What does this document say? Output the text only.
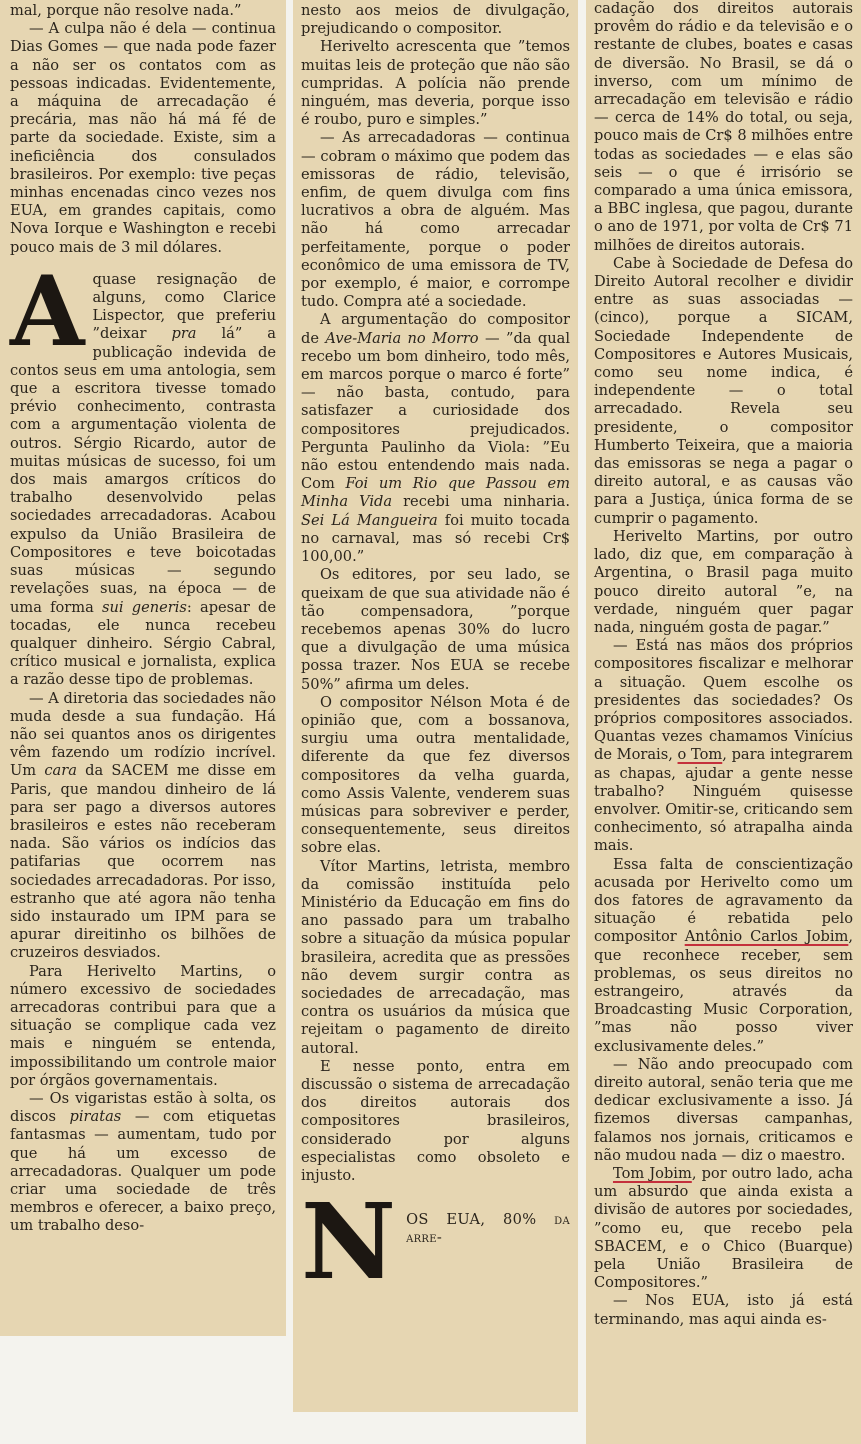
mal, porque não resolve nada.”

— A culpa não é dela — continua Dias Gomes — que nada pode fazer a não ser os contatos com as pessoas indicadas. Evidentemente, a máquina de arrecadação é precária, mas não há má fé de parte da sociedade. Existe, sim a ineficiência dos consulados brasileiros. Por exemplo: tive peças minhas encenadas cinco vezes nos EUA, em grandes capitais, como Nova Iorque e Washington e recebi pouco mais de 3 mil dólares.

A quase resignação de alguns, como Clarice Lispector, que preferiu ”deixar pra lá” a publicação indevida de contos seus em uma antologia, sem que a escritora tivesse tomado prévio conhecimento, contrasta com a argumentação violenta de outros. Sérgio Ricardo, autor de muitas músicas de sucesso, foi um dos mais amargos críticos do trabalho desenvolvido pelas sociedades arrecadadoras. Acabou expulso da União Brasileira de Compositores e teve boicotadas suas músicas — segundo revelações suas, na época — de uma forma sui generis: apesar de tocadas, ele nunca recebeu qualquer dinheiro. Sérgio Cabral, crítico musical e jornalista, explica a razão desse tipo de problemas.

— A diretoria das sociedades não muda desde a sua fundação. Há não sei quantos anos os dirigentes vêm fazendo um rodízio incrível. Um cara da SACEM me disse em Paris, que mandou dinheiro de lá para ser pago a diversos autores brasileiros e estes não receberam nada. São vários os indícios das patifarias que ocorrem nas sociedades arrecadadoras. Por isso, estranho que até agora não tenha sido instaurado um IPM para se apurar direitinho os bilhões de cruzeiros desviados.

Para Herivelto Martins, o número excessivo de sociedades arrecadoras contribui para que a situação se complique cada vez mais e ninguém se entenda, impossibilitando um controle maior por órgãos governamentais.

— Os vigaristas estão à solta, os discos piratas — com etiquetas fantasmas — aumentam, tudo por que há um excesso de arrecadadoras. Qualquer um pode criar uma sociedade de três membros e oferecer, a baixo preço, um trabalho deso-

nesto aos meios de divulgação, prejudicando o compositor.

Herivelto acrescenta que ”temos muitas leis de proteção que não são cumpridas. A polícia não prende ninguém, mas deveria, porque isso é roubo, puro e simples.”

— As arrecadadoras — continua — cobram o máximo que podem das emissoras de rádio, televisão, enfim, de quem divulga com fins lucrativos a obra de alguém. Mas não há como arrecadar perfeitamente, porque o poder econômico de uma emissora de TV, por exemplo, é maior, e corrompe tudo. Compra até a sociedade.

A argumentação do compositor de Ave-Maria no Morro — ”da qual recebo um bom dinheiro, todo mês, em marcos porque o marco é forte” — não basta, contudo, para satisfazer a curiosidade dos compositores prejudicados. Pergunta Paulinho da Viola: ”Eu não estou entendendo mais nada. Com Foi um Rio que Passou em Minha Vida recebi uma ninharia. Sei Lá Mangueira foi muito tocada no carnaval, mas só recebi Cr$ 100,00.”

Os editores, por seu lado, se queixam de que sua atividade não é tão compensadora, ”porque recebemos apenas 30% do lucro que a divulgação de uma música possa trazer. Nos EUA se recebe 50%” afirma um deles.

O compositor Nélson Mota é de opinião que, com a bossanova, surgiu uma outra mentalidade, diferente da que fez diversos compositores da velha guarda, como Assis Valente, venderem suas músicas para sobreviver e perder, consequentemente, seus direitos sobre elas.

Vítor Martins, letrista, membro da comissão instituída pelo Ministério da Educação em fins do ano passado para um trabalho sobre a situação da música popular brasileira, acredita que as pressões não devem surgir contra as sociedades de arrecadação, mas contra os usuários da música que rejeitam o pagamento de direito autoral.

E nesse ponto, entra em discussão o sistema de arrecadação dos direitos autorais dos compositores brasileiros, considerado por alguns especialistas como obsoleto e injusto.

N OS EUA, 80% da arre-

cadação dos direitos autorais provêm do rádio e da televisão e o restante de clubes, boates e casas de diversão. No Brasil, se dá o inverso, com um mínimo de arrecadação em televisão e rádio — cerca de 14% do total, ou seja, pouco mais de Cr$ 8 milhões entre todas as sociedades — e elas são seis — o que é irrisório se comparado a uma única emissora, a BBC inglesa, que pagou, durante o ano de 1971, por volta de Cr$ 71 milhões de direitos autorais.

Cabe à Sociedade de Defesa do Direito Autoral recolher e dividir entre as suas associadas — (cinco), porque a SICAM, Sociedade Independente de Compositores e Autores Musicais, como seu nome indica, é independente — o total arrecadado. Revela seu presidente, o compositor Humberto Teixeira, que a maioria das emissoras se nega a pagar o direito autoral, e as causas vão para a Justiça, única forma de se cumprir o pagamento.

Herivelto Martins, por outro lado, diz que, em comparação à Argentina, o Brasil paga muito pouco direito autoral ”e, na verdade, ninguém quer pagar nada, ninguém gosta de pagar.”

— Está nas mãos dos próprios compositores fiscalizar e melhorar a situação. Quem escolhe os presidentes das sociedades? Os próprios compositores associados. Quantas vezes chamamos Vinícius de Morais, o Tom, para integrarem as chapas, ajudar a gente nesse trabalho? Ninguém quisesse envolver. Omitir-se, criticando sem conhecimento, só atrapalha ainda mais.

Essa falta de conscientização acusada por Herivelto como um dos fatores de agravamento da situação é rebatida pelo compositor Antônio Carlos Jobim, que reconhece receber, sem problemas, os seus direitos no estrangeiro, através da Broadcasting Music Corporation, ”mas não posso viver exclusivamente deles.”

— Não ando preocupado com direito autoral, senão teria que me dedicar exclusivamente a isso. Já fizemos diversas campanhas, falamos nos jornais, criticamos e não mudou nada — diz o maestro.

Tom Jobim, por outro lado, acha um absurdo que ainda exista a divisão de autores por sociedades, ”como eu, que recebo pela SBACEM, e o Chico (Buarque) pela União Brasileira de Compositores.”

— Nos EUA, isto já está terminando, mas aqui ainda es-
